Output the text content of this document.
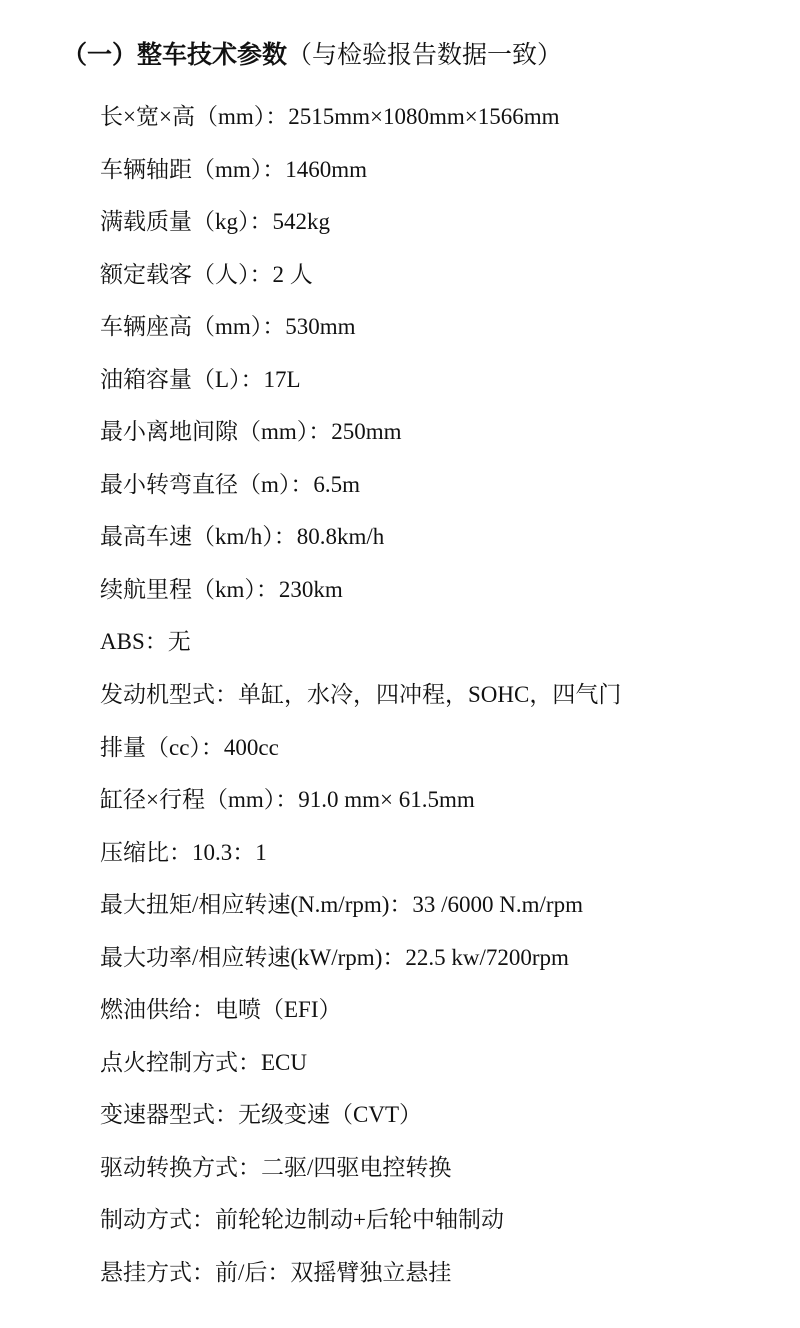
（一）整车技术参数（与检验报告数据一致）
长×宽×高（mm）：2515mm×1080mm×1566mm
车辆轴距（mm）：1460mm
满载质量（kg）：542kg
额定载客（人）：2 人
车辆座高（mm）：530mm
油箱容量（L）：17L
最小离地间隙（mm）：250mm
最小转弯直径（m）：6.5m
最高车速（km/h）：80.8km/h
续航里程（km）：230km
ABS：无
发动机型式：单缸，水冷，四冲程，SOHC，四气门
排量（cc）：400cc
缸径×行程（mm）：91.0 mm× 61.5mm
压缩比：10.3：1
最大扭矩/相应转速(N.m/rpm)：33 /6000 N.m/rpm
最大功率/相应转速(kW/rpm)：22.5 kw/7200rpm
燃油供给：电喷（EFI）
点火控制方式：ECU
变速器型式：无级变速（CVT）
驱动转换方式：二驱/四驱电控转换
制动方式：前轮轮边制动+后轮中轴制动
悬挂方式：前/后：双摇臂独立悬挂
